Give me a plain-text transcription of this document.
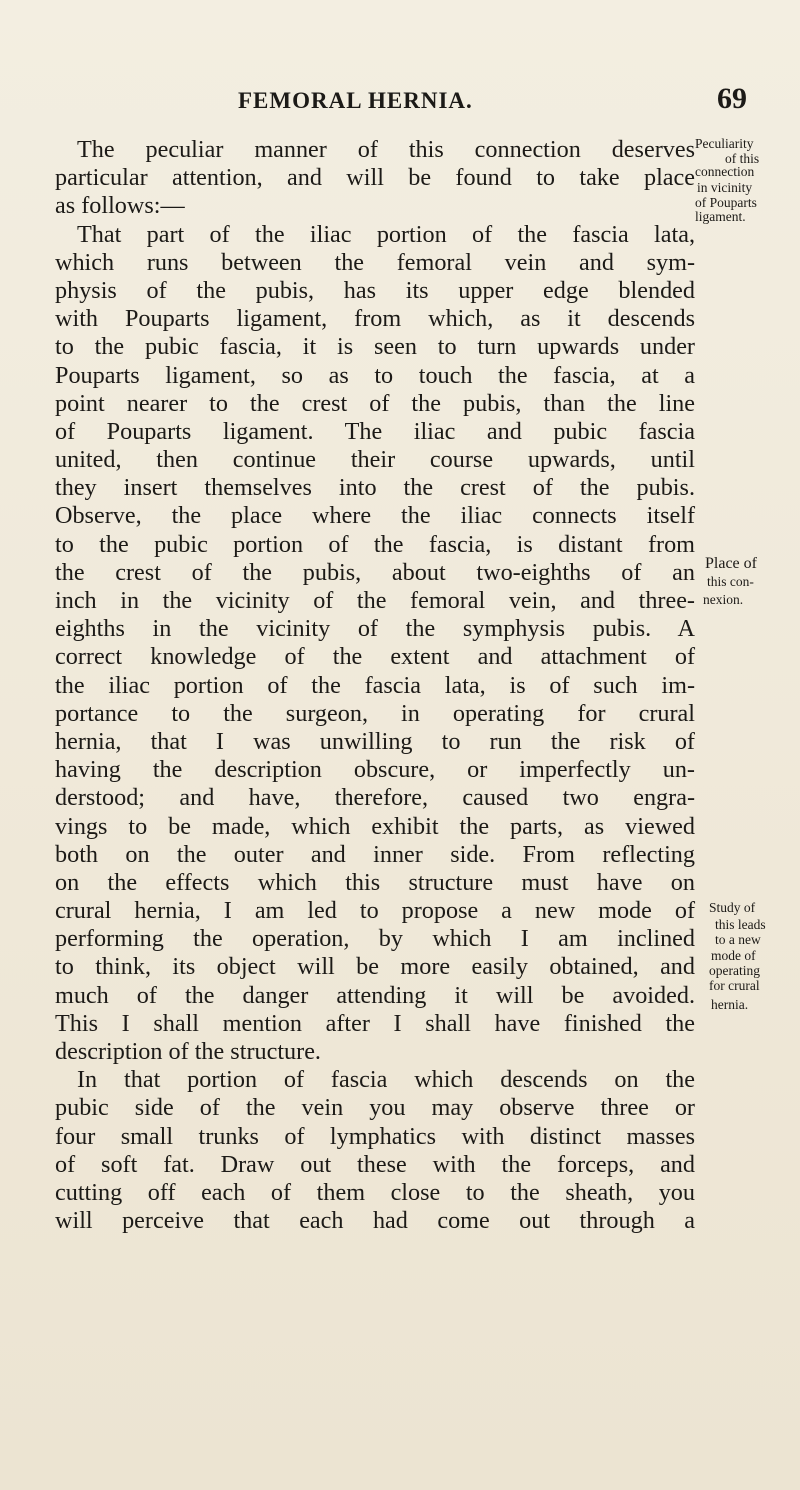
FEMORAL HERNIA.	69
The peculiar manner of this connection deserves
particular attention, and will be found to take place
as follows:—
That part of the iliac portion of the fascia lata,
which runs between the femoral vein and sym-
physis of the pubis, has its upper edge blended
with Pouparts ligament, from which, as it descends
to the pubic fascia, it is seen to turn upwards under
Pouparts ligament, so as to touch the fascia, at a
point nearer to the crest of the pubis, than the line
of Pouparts ligament. The iliac and pubic fascia
united, then continue their course upwards, until
they insert themselves into the crest of the pubis.
Observe, the place where the iliac connects itself
to the pubic portion of the fascia, is distant from
the crest of the pubis, about two-eighths of an
inch in the vicinity of the femoral vein, and three-
eighths in the vicinity of the symphysis pubis. A
correct knowledge of the extent and attachment of
the iliac portion of the fascia lata, is of such im-
portance to the surgeon, in operating for crural
hernia, that I was unwilling to run the risk of
having the description obscure, or imperfectly un-
derstood; and have, therefore, caused two engra-
vings to be made, which exhibit the parts, as viewed
both on the outer and inner side. From reflecting
on the effects which this structure must have on
crural hernia, I am led to propose a new mode of
performing the operation, by which I am inclined
to think, its object will be more easily obtained, and
much of the danger attending it will be avoided.
This I shall mention after I shall have finished the
description of the structure.
In that portion of fascia which descends on the
pubic side of the vein you may observe three or
four small trunks of lymphatics with distinct masses
of soft fat. Draw out these with the forceps, and
cutting off each of them close to the sheath, you
will perceive that each had come out through a
Peculiarity
of this
connection
in vicinity
of Pouparts
ligament.
Place of
this con-
nexion.
Study of
this leads
to a new
mode of
operating
for crural
hernia.
